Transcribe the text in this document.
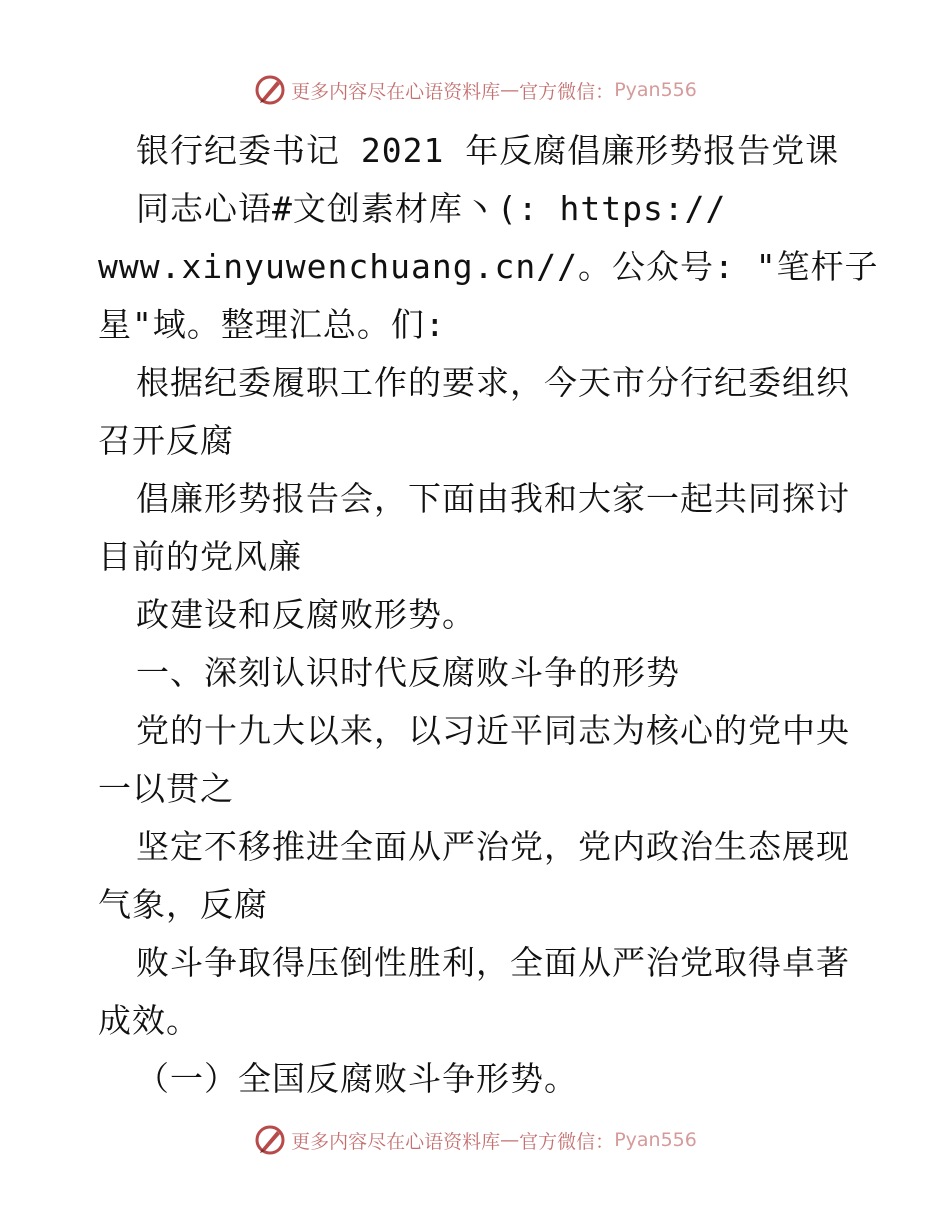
更多内容尽在心语资料库 — 官方微信： Pyan556
银行纪委书记 2021 年反腐倡廉形势报告党课
同志心语#文创素材库丶(: https://
www.xinyuwenchuang.cn//。公众号: "笔杆子
星"域。整理汇总。们:
根据纪委履职工作的要求，今天市分行纪委组织
召开反腐
倡廉形势报告会，下面由我和大家一起共同探讨
目前的党风廉
政建设和反腐败形势。
一、深刻认识时代反腐败斗争的形势
党的十九大以来，以习近平同志为核心的党中央
一以贯之
坚定不移推进全面从严治党，党内政治生态展现
气象，反腐
败斗争取得压倒性胜利，全面从严治党取得卓著
成效。
（一）全国反腐败斗争形势。
更多内容尽在心语资料库 — 官方微信： Pyan556
